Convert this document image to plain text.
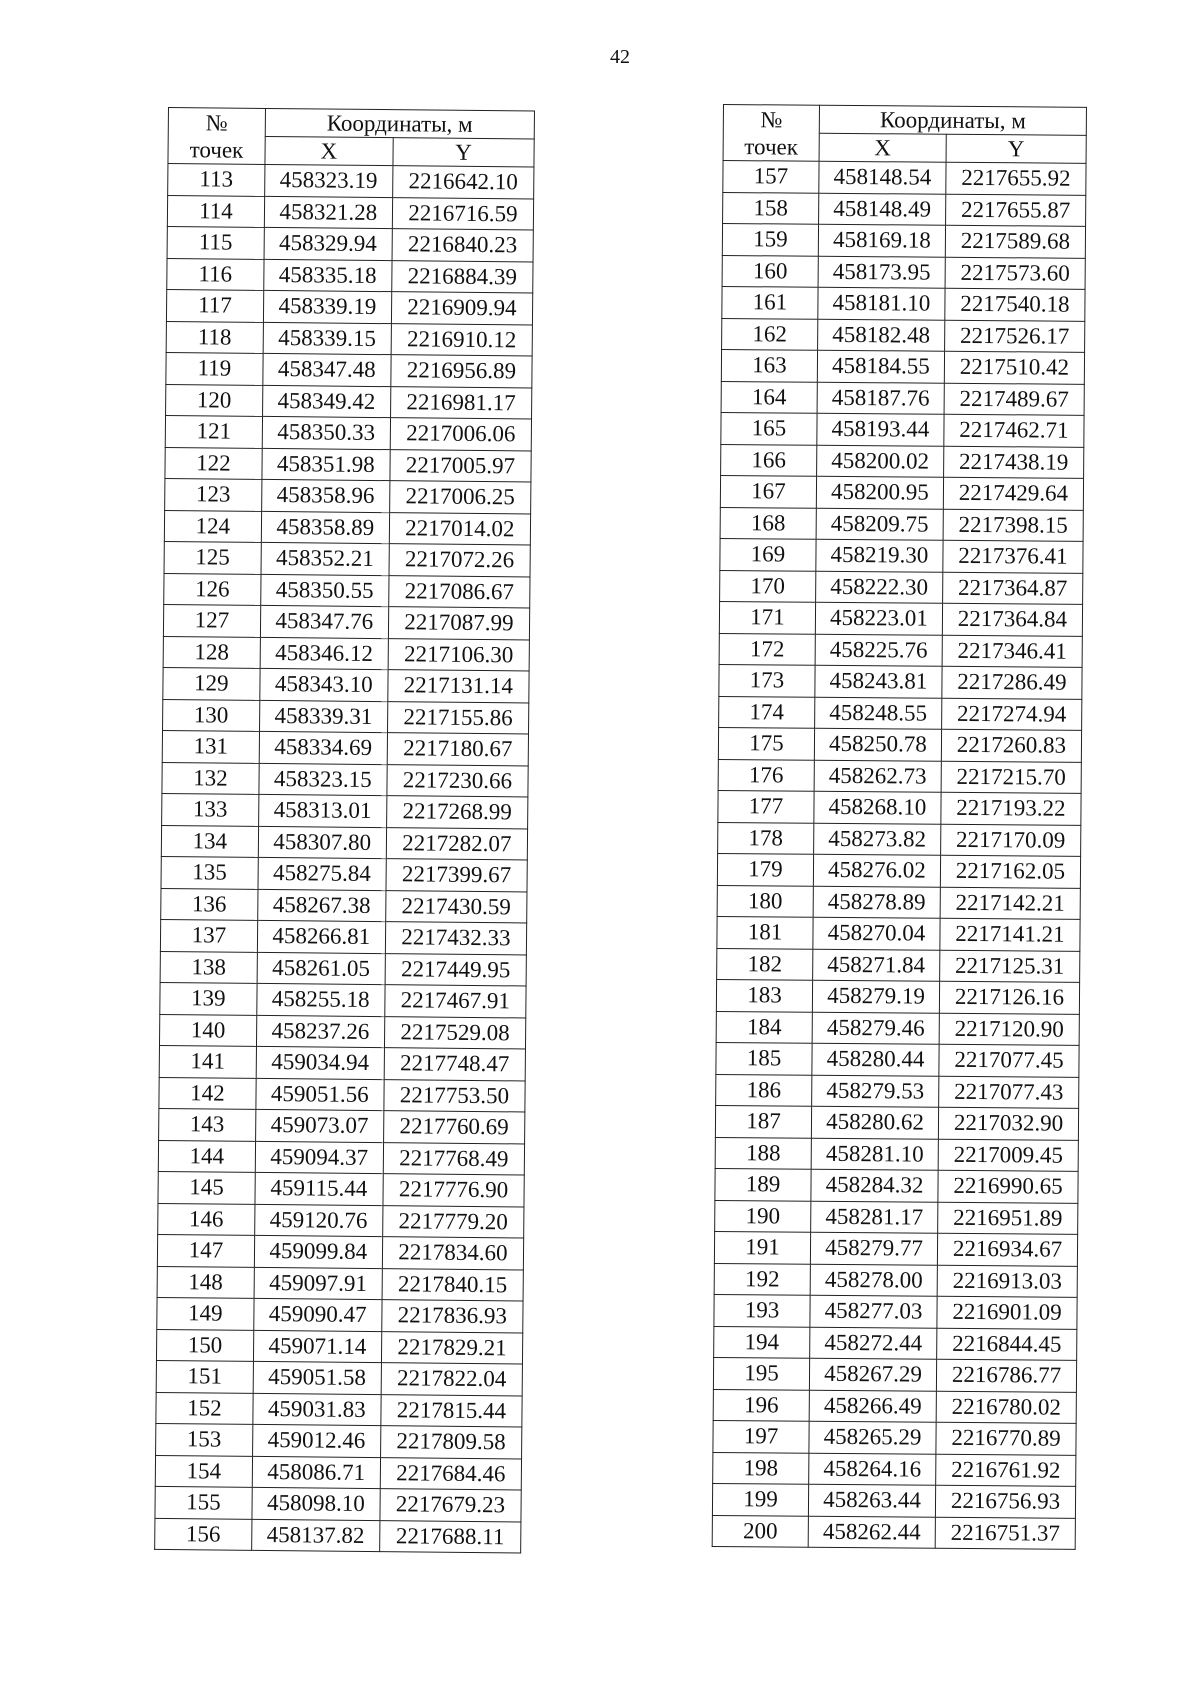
42
№
точек	Координаты, м	
	X	Y
113	458323.19	2216642.10
114	458321.28	2216716.59
115	458329.94	2216840.23
116	458335.18	2216884.39
117	458339.19	2216909.94
118	458339.15	2216910.12
119	458347.48	2216956.89
120	458349.42	2216981.17
121	458350.33	2217006.06
122	458351.98	2217005.97
123	458358.96	2217006.25
124	458358.89	2217014.02
125	458352.21	2217072.26
126	458350.55	2217086.67
127	458347.76	2217087.99
128	458346.12	2217106.30
129	458343.10	2217131.14
130	458339.31	2217155.86
131	458334.69	2217180.67
132	458323.15	2217230.66
133	458313.01	2217268.99
134	458307.80	2217282.07
135	458275.84	2217399.67
136	458267.38	2217430.59
137	458266.81	2217432.33
138	458261.05	2217449.95
139	458255.18	2217467.91
140	458237.26	2217529.08
141	459034.94	2217748.47
142	459051.56	2217753.50
143	459073.07	2217760.69
144	459094.37	2217768.49
145	459115.44	2217776.90
146	459120.76	2217779.20
147	459099.84	2217834.60
148	459097.91	2217840.15
149	459090.47	2217836.93
150	459071.14	2217829.21
151	459051.58	2217822.04
152	459031.83	2217815.44
153	459012.46	2217809.58
154	458086.71	2217684.46
155	458098.10	2217679.23
156	458137.82	2217688.11
№
точек	Координаты, м	
	X	Y
157	458148.54	2217655.92
158	458148.49	2217655.87
159	458169.18	2217589.68
160	458173.95	2217573.60
161	458181.10	2217540.18
162	458182.48	2217526.17
163	458184.55	2217510.42
164	458187.76	2217489.67
165	458193.44	2217462.71
166	458200.02	2217438.19
167	458200.95	2217429.64
168	458209.75	2217398.15
169	458219.30	2217376.41
170	458222.30	2217364.87
171	458223.01	2217364.84
172	458225.76	2217346.41
173	458243.81	2217286.49
174	458248.55	2217274.94
175	458250.78	2217260.83
176	458262.73	2217215.70
177	458268.10	2217193.22
178	458273.82	2217170.09
179	458276.02	2217162.05
180	458278.89	2217142.21
181	458270.04	2217141.21
182	458271.84	2217125.31
183	458279.19	2217126.16
184	458279.46	2217120.90
185	458280.44	2217077.45
186	458279.53	2217077.43
187	458280.62	2217032.90
188	458281.10	2217009.45
189	458284.32	2216990.65
190	458281.17	2216951.89
191	458279.77	2216934.67
192	458278.00	2216913.03
193	458277.03	2216901.09
194	458272.44	2216844.45
195	458267.29	2216786.77
196	458266.49	2216780.02
197	458265.29	2216770.89
198	458264.16	2216761.92
199	458263.44	2216756.93
200	458262.44	2216751.37
